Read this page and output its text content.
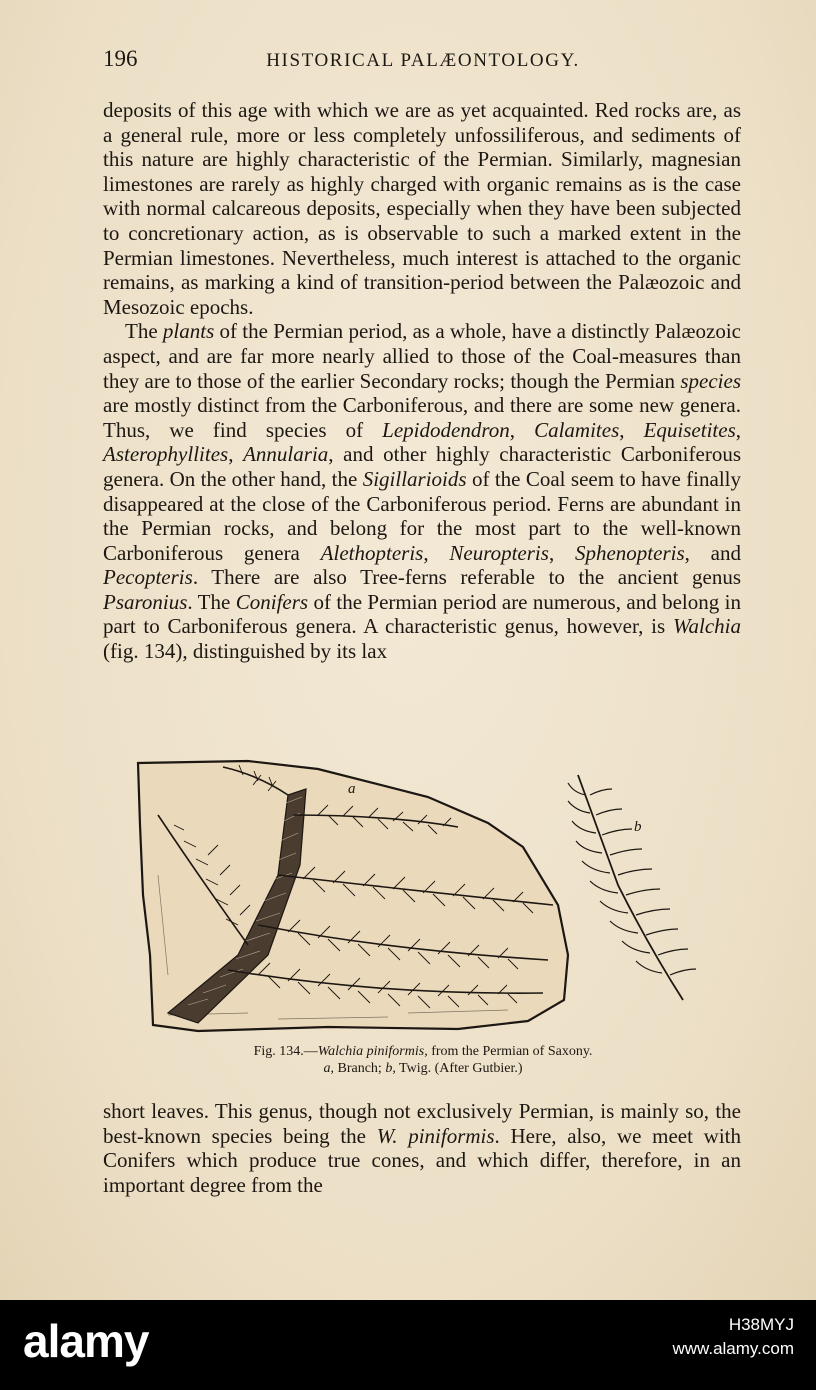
196	HISTORICAL PALÆONTOLOGY.

deposits of this age with which we are as yet acquainted. Red rocks are, as a general rule, more or less completely unfossiliferous, and sediments of this nature are highly characteristic of the Permian. Similarly, magnesian limestones are rarely as highly charged with organic remains as is the case with normal calcareous deposits, especially when they have been subjected to concretionary action, as is observable to such a marked extent in the Permian limestones. Nevertheless, much interest is attached to the organic remains, as marking a kind of transition-period between the Palæozoic and Mesozoic epochs.

The plants of the Permian period, as a whole, have a distinctly Palæozoic aspect, and are far more nearly allied to those of the Coal-measures than they are to those of the earlier Secondary rocks; though the Permian species are mostly distinct from the Carboniferous, and there are some new genera. Thus, we find species of Lepidodendron, Calamites, Equisetites, Asterophyllites, Annularia, and other highly characteristic Carboniferous genera. On the other hand, the Sigillarioids of the Coal seem to have finally disappeared at the close of the Carboniferous period. Ferns are abundant in the Permian rocks, and belong for the most part to the well-known Carboniferous genera Alethopteris, Neuropteris, Sphenopteris, and Pecopteris. There are also Tree-ferns referable to the ancient genus Psaronius. The Conifers of the Permian period are numerous, and belong in part to Carboniferous genera. A characteristic genus, however, is Walchia (fig. 134), distinguished by its lax

a
b

Fig. 134.—Walchia piniformis, from the Permian of Saxony.

a, Branch; b, Twig. (After Gutbier.)

short leaves. This genus, though not exclusively Permian, is mainly so, the best-known species being the W. piniformis. Here, also, we meet with Conifers which produce true cones, and which differ, therefore, in an important degree from the

alamy	H38MYJ
www.alamy.com
